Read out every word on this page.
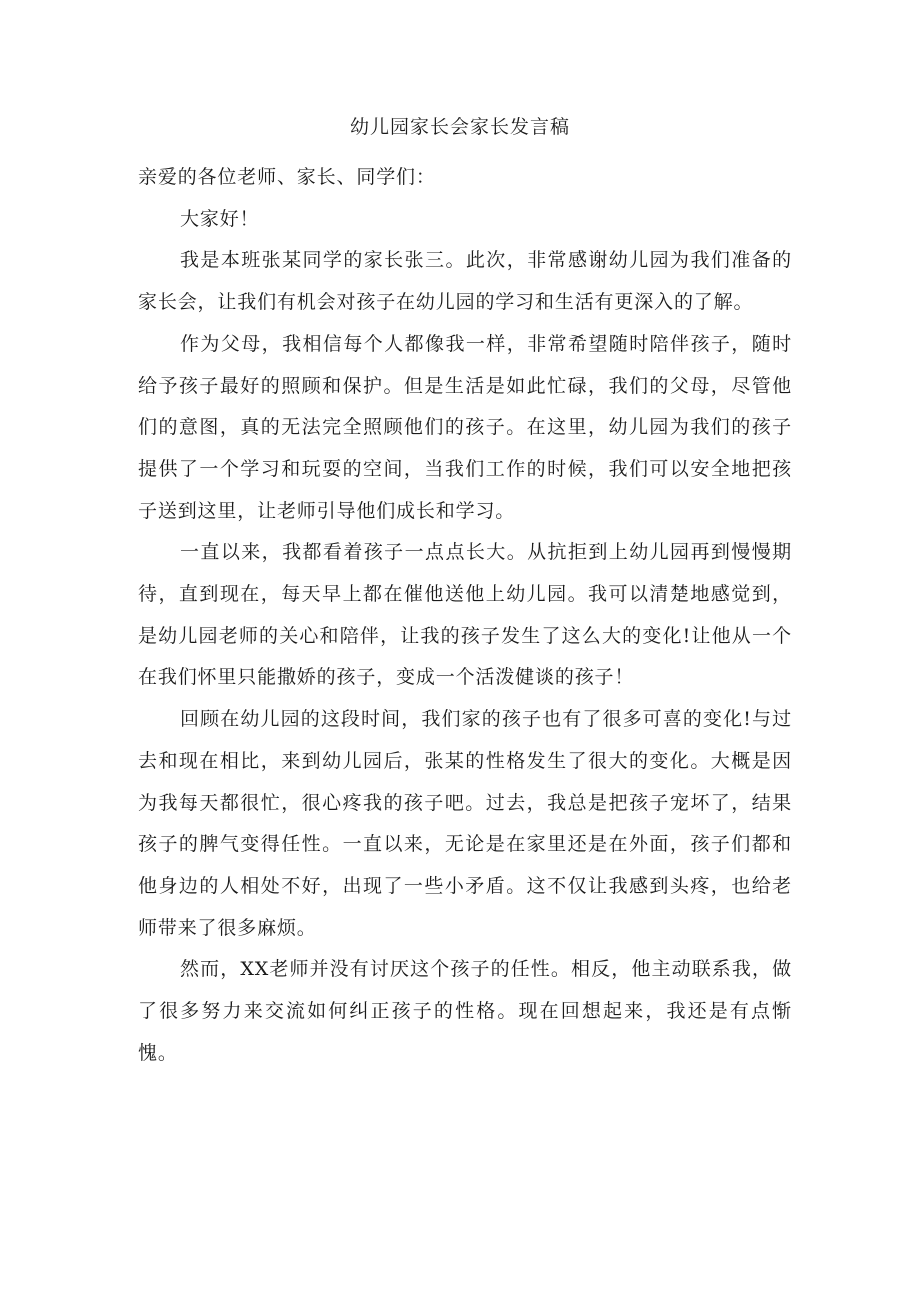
幼儿园家长会家长发言稿

亲爱的各位老师、家长、同学们：

大家好！

我是本班张某同学的家长张三。此次，非常感谢幼儿园为我们准备的家长会，让我们有机会对孩子在幼儿园的学习和生活有更深入的了解。

作为父母，我相信每个人都像我一样，非常希望随时陪伴孩子，随时给予孩子最好的照顾和保护。但是生活是如此忙碌，我们的父母，尽管他们的意图，真的无法完全照顾他们的孩子。在这里，幼儿园为我们的孩子提供了一个学习和玩耍的空间，当我们工作的时候，我们可以安全地把孩子送到这里，让老师引导他们成长和学习。

一直以来，我都看着孩子一点点长大。从抗拒到上幼儿园再到慢慢期待，直到现在，每天早上都在催他送他上幼儿园。我可以清楚地感觉到，是幼儿园老师的关心和陪伴，让我的孩子发生了这么大的变化!让他从一个在我们怀里只能撒娇的孩子，变成一个活泼健谈的孩子！

回顾在幼儿园的这段时间，我们家的孩子也有了很多可喜的变化!与过去和现在相比，来到幼儿园后，张某的性格发生了很大的变化。大概是因为我每天都很忙，很心疼我的孩子吧。过去，我总是把孩子宠坏了，结果孩子的脾气变得任性。一直以来，无论是在家里还是在外面，孩子们都和他身边的人相处不好，出现了一些小矛盾。这不仅让我感到头疼，也给老师带来了很多麻烦。

然而，XX老师并没有讨厌这个孩子的任性。相反，他主动联系我，做了很多努力来交流如何纠正孩子的性格。现在回想起来，我还是有点惭愧。
